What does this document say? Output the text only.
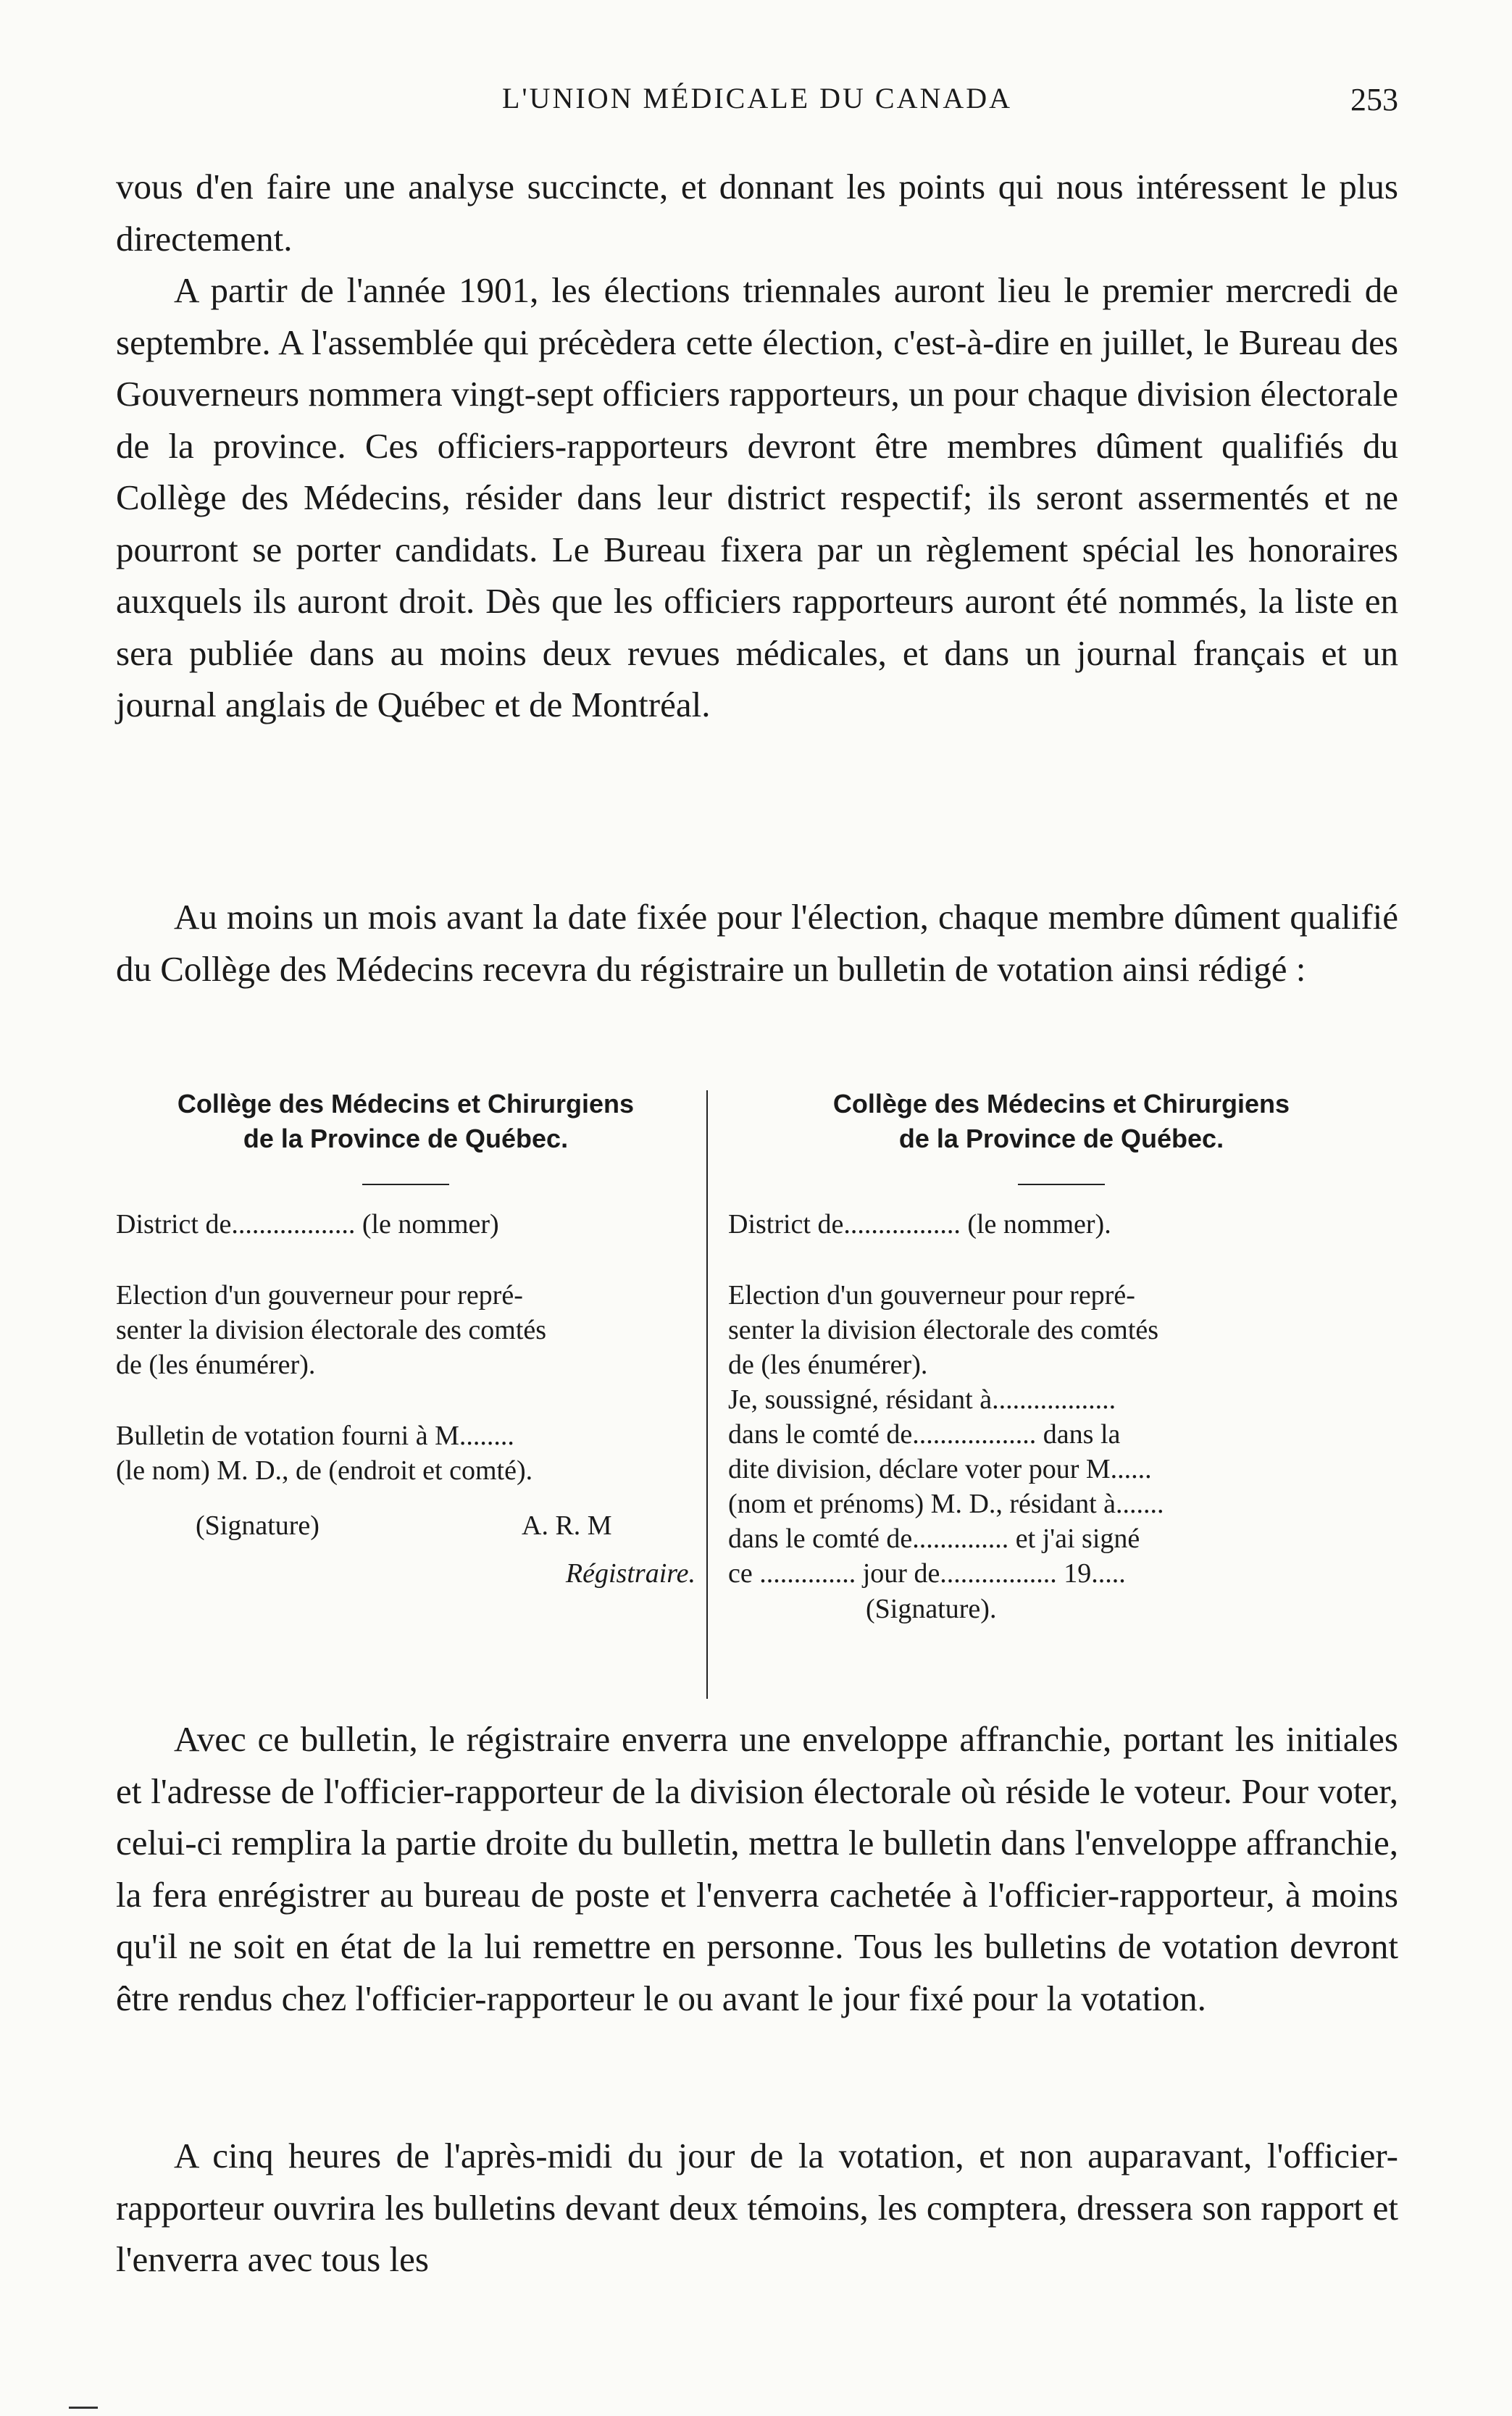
L'UNION MÉDICALE DU CANADA	253
vous d'en faire une analyse succincte, et donnant les points qui nous intéressent le plus directement.
A partir de l'année 1901, les élections triennales auront lieu le premier mercredi de septembre. A l'assemblée qui précèdera cette élection, c'est-à-dire en juillet, le Bureau des Gouverneurs nommera vingt-sept officiers rapporteurs, un pour chaque division électorale de la province. Ces officiers-rapporteurs devront être membres dûment qualifiés du Collège des Médecins, résider dans leur district respectif; ils seront assermentés et ne pourront se porter candidats. Le Bureau fixera par un règlement spécial les honoraires auxquels ils auront droit. Dès que les officiers rapporteurs auront été nommés, la liste en sera publiée dans au moins deux revues médicales, et dans un journal français et un journal anglais de Québec et de Montréal.
Au moins un mois avant la date fixée pour l'élection, chaque membre dûment qualifié du Collège des Médecins recevra du régistraire un bulletin de votation ainsi rédigé :
Collège des Médecins et Chirurgiens
de la Province de Québec.
District de.................. (le nommer)
Election d'un gouverneur pour repré-
senter la division électorale des comtés
de (les énumérer).
Bulletin de votation fourni à M........
(le nom) M. D., de (endroit et comté).
(Signature)	A. R. M
Régistraire.
Collège des Médecins et Chirurgiens
de la Province de Québec.
District de................. (le nommer).
Election d'un gouverneur pour repré-
senter la division électorale des comtés
de (les énumérer).
Je, soussigné, résidant à..................
dans le comté de.................. dans la
dite division, déclare voter pour M......
(nom et prénoms) M. D., résidant à.......
dans le comté de.............. et j'ai signé
ce .............. jour de................. 19.....
(Signature).
Avec ce bulletin, le régistraire enverra une enveloppe affranchie, portant les initiales et l'adresse de l'officier-rapporteur de la division électorale où réside le voteur. Pour voter, celui-ci remplira la partie droite du bulletin, mettra le bulletin dans l'enveloppe affranchie, la fera enrégistrer au bureau de poste et l'enverra cachetée à l'officier-rapporteur, à moins qu'il ne soit en état de la lui remettre en personne. Tous les bulletins de votation devront être rendus chez l'officier-rapporteur le ou avant le jour fixé pour la votation.
A cinq heures de l'après-midi du jour de la votation, et non auparavant, l'officier-rapporteur ouvrira les bulletins devant deux témoins, les comptera, dressera son rapport et l'enverra avec tous les
